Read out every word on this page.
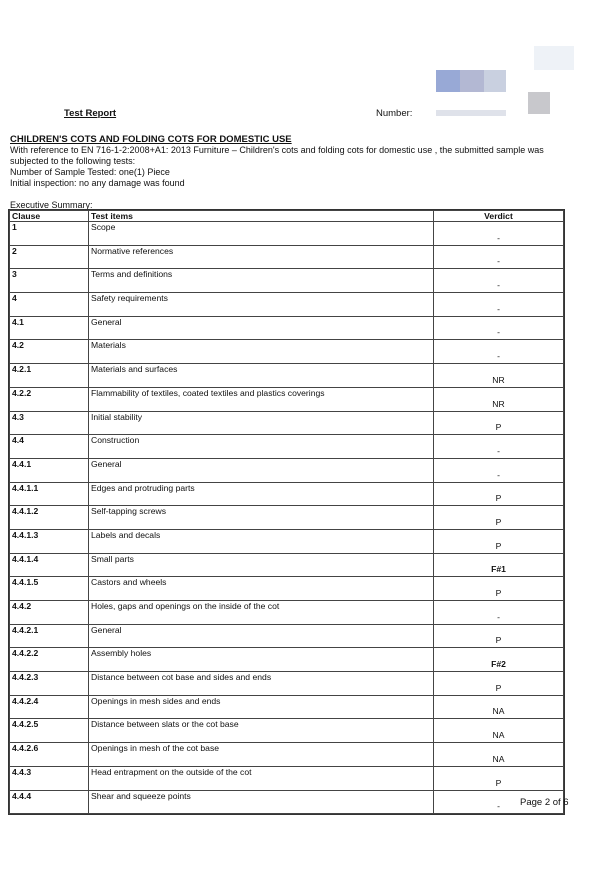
Test Report	Number:
CHILDREN'S COTS AND FOLDING COTS FOR DOMESTIC USE

With reference to EN 716-1-2:2008+A1: 2013 Furniture – Children's cots and folding cots for domestic use , the submitted sample was subjected to the following tests:

Number of Sample Tested: one(1) Piece

Initial inspection: no any damage was found

Executive Summary:
Clause	Test items	Verdict
1	Scope	-
2	Normative references	-
3	Terms and definitions	-
4	Safety requirements	-
4.1	General	-
4.2	Materials	-
4.2.1	Materials and surfaces	NR
4.2.2	Flammability of textiles, coated textiles and plastics coverings	NR
4.3	Initial stability	P
4.4	Construction	-
4.4.1	General	-
4.4.1.1	Edges and protruding parts	P
4.4.1.2	Self-tapping screws	P
4.4.1.3	Labels and decals	P
4.4.1.4	Small parts	F#1
4.4.1.5	Castors and wheels	P
4.4.2	Holes, gaps and openings on the inside of the cot	-
4.4.2.1	General	P
4.4.2.2	Assembly holes	F#2
4.4.2.3	Distance between cot base and sides and ends	P
4.4.2.4	Openings in mesh sides and ends	NA
4.4.2.5	Distance between slats or the cot base	NA
4.4.2.6	Openings in mesh of the cot base	NA
4.4.3	Head entrapment on the outside of the cot	P
4.4.4	Shear and squeeze points	- Page 2 of 6
